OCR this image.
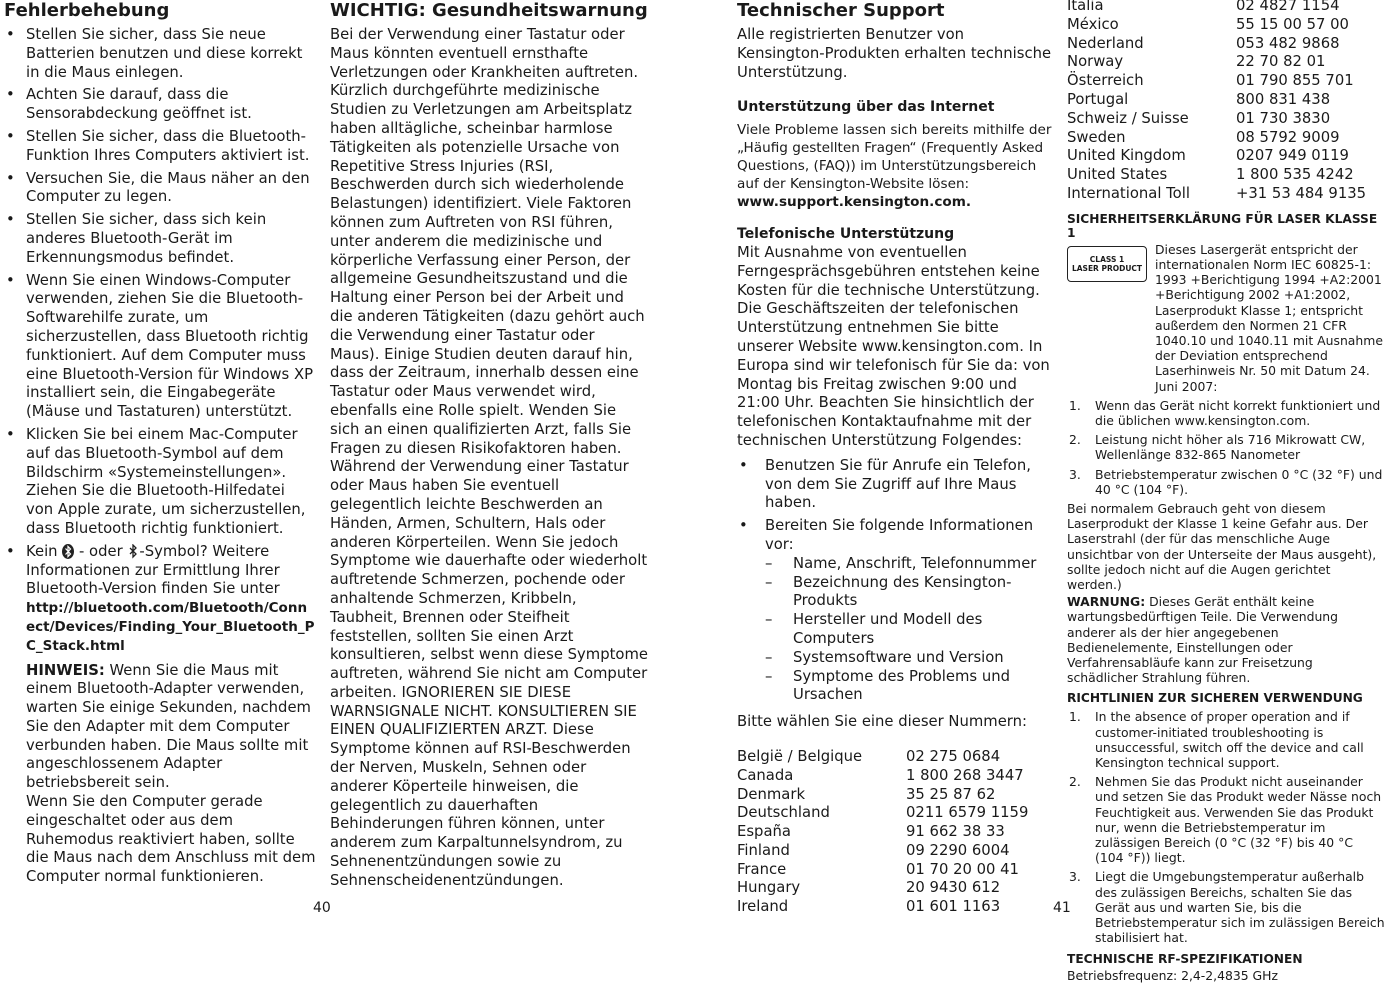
Fehlerbehebung
• Stellen Sie sicher, dass Sie neue Batterien benutzen und diese korrekt in die Maus einlegen.
• Achten Sie darauf, dass die Sensorabdeckung geöffnet ist.
• Stellen Sie sicher, dass die Bluetooth-Funktion Ihres Computers aktiviert ist.
• Versuchen Sie, die Maus näher an den Computer zu legen.
• Stellen Sie sicher, dass sich kein anderes Bluetooth-Gerät im Erkennungsmodus befindet.
• Wenn Sie einen Windows-Computer verwenden, ziehen Sie die Bluetooth-Softwarehilfe zurate, um sicherzustellen, dass Bluetooth richtig funktioniert. Auf dem Computer muss eine Bluetooth-Version für Windows XP installiert sein, die Eingabegeräte (Mäuse und Tastaturen) unterstützt.
• Klicken Sie bei einem Mac-Computer auf das Bluetooth-Symbol auf dem Bildschirm «Systemeinstellungen». Ziehen Sie die Bluetooth-Hilfedatei von Apple zurate, um sicherzustellen, dass Bluetooth richtig funktioniert.
• Kein - oder -Symbol? Weitere Informationen zur Ermittlung Ihrer Bluetooth-Version finden Sie unter
http://bluetooth.com/Bluetooth/Connect/Devices/Finding_Your_Bluetooth_PC_Stack.html
HINWEIS: Wenn Sie die Maus mit einem Bluetooth-Adapter verwenden, warten Sie einige Sekunden, nachdem Sie den Adapter mit dem Computer verbunden haben. Die Maus sollte mit angeschlossenem Adapter betriebsbereit sein.

Wenn Sie den Computer gerade eingeschaltet oder aus dem Ruhemodus reaktiviert haben, sollte die Maus nach dem Anschluss mit dem Computer normal funktionieren.

WICHTIG: Gesundheitswarnung

Bei der Verwendung einer Tastatur oder Maus könnten eventuell ernsthafte Verletzungen oder Krankheiten auftreten. Kürzlich durchgeführte medizinische Studien zu Verletzungen am Arbeitsplatz haben alltägliche, scheinbar harmlose Tätigkeiten als potenzielle Ursache von Repetitive Stress Injuries (RSI, Beschwerden durch sich wiederholende Belastungen) identifiziert. Viele Faktoren können zum Auftreten von RSI führen, unter anderem die medizinische und körperliche Verfassung einer Person, der allgemeine Gesundheitszustand und die Haltung einer Person bei der Arbeit und die anderen Tätigkeiten (dazu gehört auch die Verwendung einer Tastatur oder Maus). Einige Studien deuten darauf hin, dass der Zeitraum, innerhalb dessen eine Tastatur oder Maus verwendet wird, ebenfalls eine Rolle spielt. Wenden Sie sich an einen qualifizierten Arzt, falls Sie Fragen zu diesen Risikofaktoren haben. Während der Verwendung einer Tastatur oder Maus haben Sie eventuell gelegentlich leichte Beschwerden an Händen, Armen, Schultern, Hals oder anderen Körperteilen. Wenn Sie jedoch Symptome wie dauerhafte oder wiederholt auftretende Schmerzen, pochende oder anhaltende Schmerzen, Kribbeln, Taubheit, Brennen oder Steifheit feststellen, sollten Sie einen Arzt konsultieren, selbst wenn diese Symptome auftreten, während Sie nicht am Computer arbeiten. IGNORIEREN SIE DIESE WARNSIGNALE NICHT. KONSULTIEREN SIE EINEN QUALIFIZIERTEN ARZT. Diese Symptome können auf RSI-Beschwerden der Nerven, Muskeln, Sehnen oder anderer Köperteile hinweisen, die gelegentlich zu dauerhaften Behinderungen führen können, unter anderem zum Karpaltunnelsyndrom, zu Sehnenentzündungen sowie zu Sehnenscheidenentzündungen.

Technischer Support

Alle registrierten Benutzer von Kensington-Produkten erhalten technische Unterstützung.

Unterstützung über das Internet

Viele Probleme lassen sich bereits mithilfe der „Häufig gestellten Fragen“ (Frequently Asked Questions, (FAQ)) im Unterstützungsbereich auf der Kensington-Website lösen: www.support.kensington.com.

Telefonische Unterstützung

Mit Ausnahme von eventuellen Ferngesprächsgebühren entstehen keine Kosten für die technische Unterstützung. Die Geschäftszeiten der telefonischen Unterstützung entnehmen Sie bitte unserer Website www.kensington.com. In Europa sind wir telefonisch für Sie da: von Montag bis Freitag zwischen 9:00 und 21:00 Uhr. Beachten Sie hinsichtlich der telefonischen Kontaktaufnahme mit der technischen Unterstützung Folgendes:

• Benutzen Sie für Anrufe ein Telefon, von dem Sie Zugriff auf Ihre Maus haben.
• Bereiten Sie folgende Informationen vor:
– Name, Anschrift, Telefonnummer
– Bezeichnung des Kensington-Produkts
– Hersteller und Modell des Computers
– Systemsoftware und Version
– Symptome des Problems und Ursachen

Bitte wählen Sie eine dieser Nummern:

België / Belgique	02 275 0684
Canada	1 800 268 3447
Denmark	35 25 87 62
Deutschland	0211 6579 1159
España	91 662 38 33
Finland	09 2290 6004
France	01 70 20 00 41
Hungary	20 9430 612
Ireland	01 601 1163
Italia	02 4827 1154
México	55 15 00 57 00
Nederland	053 482 9868
Norway	22 70 82 01
Österreich	01 790 855 701
Portugal	800 831 438
Schweiz / Suisse	01 730 3830
Sweden	08 5792 9009
United Kingdom	0207 949 0119
United States	1 800 535 4242
International Toll	+31 53 484 9135
SICHERHEITSERKLÄRUNG FÜR LASER KLASSE 1
CLASS 1
LASER PRODUCT

Dieses Lasergerät entspricht der internationalen Norm IEC 60825-1: 1993 +Berichtigung 1994 +A2:2001 +Berichtigung 2002 +A1:2002, Laserprodukt Klasse 1; entspricht außerdem den Normen 21 CFR 1040.10 und 1040.11 mit Ausnahme der Deviation entsprechend Laserhinweis Nr. 50 mit Datum 24. Juni 2007:

1. Wenn das Gerät nicht korrekt funktioniert und die üblichen www.kensington.com.
2. Leistung nicht höher als 716 Mikrowatt CW, Wellenlänge 832-865 Nanometer
3. Betriebstemperatur zwischen 0 °C (32 °F) und 40 °C (104 °F).

Bei normalem Gebrauch geht von diesem Laserprodukt der Klasse 1 keine Gefahr aus. Der Laserstrahl (der für das menschliche Auge unsichtbar von der Unterseite der Maus ausgeht), sollte jedoch nicht auf die Augen gerichtet werden.)

WARNUNG: Dieses Gerät enthält keine wartungsbedürftigen Teile. Die Verwendung anderer als der hier angegebenen Bedienelemente, Einstellungen oder Verfahrensabläufe kann zur Freisetzung schädlicher Strahlung führen.

RICHTLINIEN ZUR SICHEREN VERWENDUNG
1. In the absence of proper operation and if customer-initiated troubleshooting is unsuccessful, switch off the device and call Kensington technical support.
2. Nehmen Sie das Produkt nicht auseinander und setzen Sie das Produkt weder Nässe noch Feuchtigkeit aus. Verwenden Sie das Produkt nur, wenn die Betriebstemperatur im zulässigen Bereich (0 °C (32 °F) bis 40 °C (104 °F)) liegt.
3. Liegt die Umgebungstemperatur außerhalb des zulässigen Bereichs, schalten Sie das Gerät aus und warten Sie, bis die Betriebstemperatur sich im zulässigen Bereich stabilisiert hat.
TECHNISCHE RF-SPEZIFIKATIONEN

Betriebsfrequenz: 2,4-2,4835 GHz

40	41
